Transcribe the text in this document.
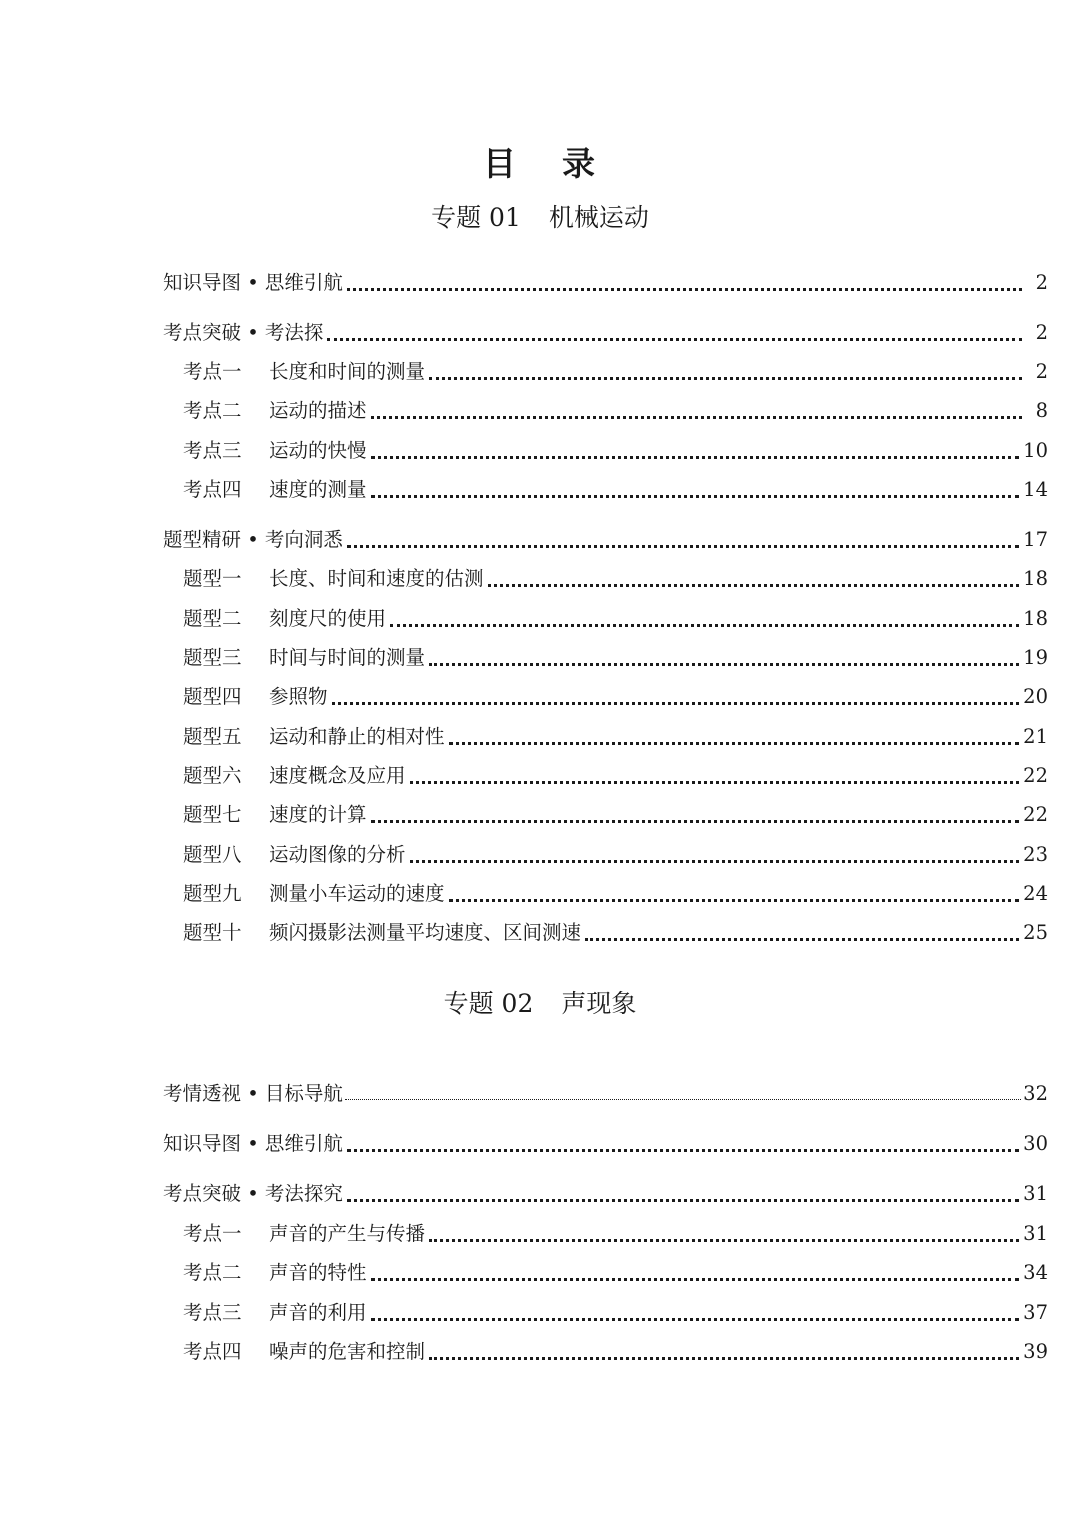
目 录
专题 01 机械运动
专题 02 声现象
知识导图 • 思维引航	2
考点突破 • 考法探	2
考点一 长度和时间的测量	2
考点二 运动的描述	8
考点三 运动的快慢	10
考点四 速度的测量	14
题型精研 • 考向洞悉	17
题型一 长度、时间和速度的估测	18
题型二 刻度尺的使用	18
题型三 时间与时间的测量	19
题型四 参照物	20
题型五 运动和静止的相对性	21
题型六 速度概念及应用	22
题型七 速度的计算	22
题型八 运动图像的分析	23
题型九 测量小车运动的速度	24
题型十 频闪摄影法测量平均速度、区间测速	25
考情透视 • 目标导航	32
知识导图 • 思维引航	30
考点突破 • 考法探究	31
考点一 声音的产生与传播	31
考点二 声音的特性	34
考点三 声音的利用	37
考点四 噪声的危害和控制	39
